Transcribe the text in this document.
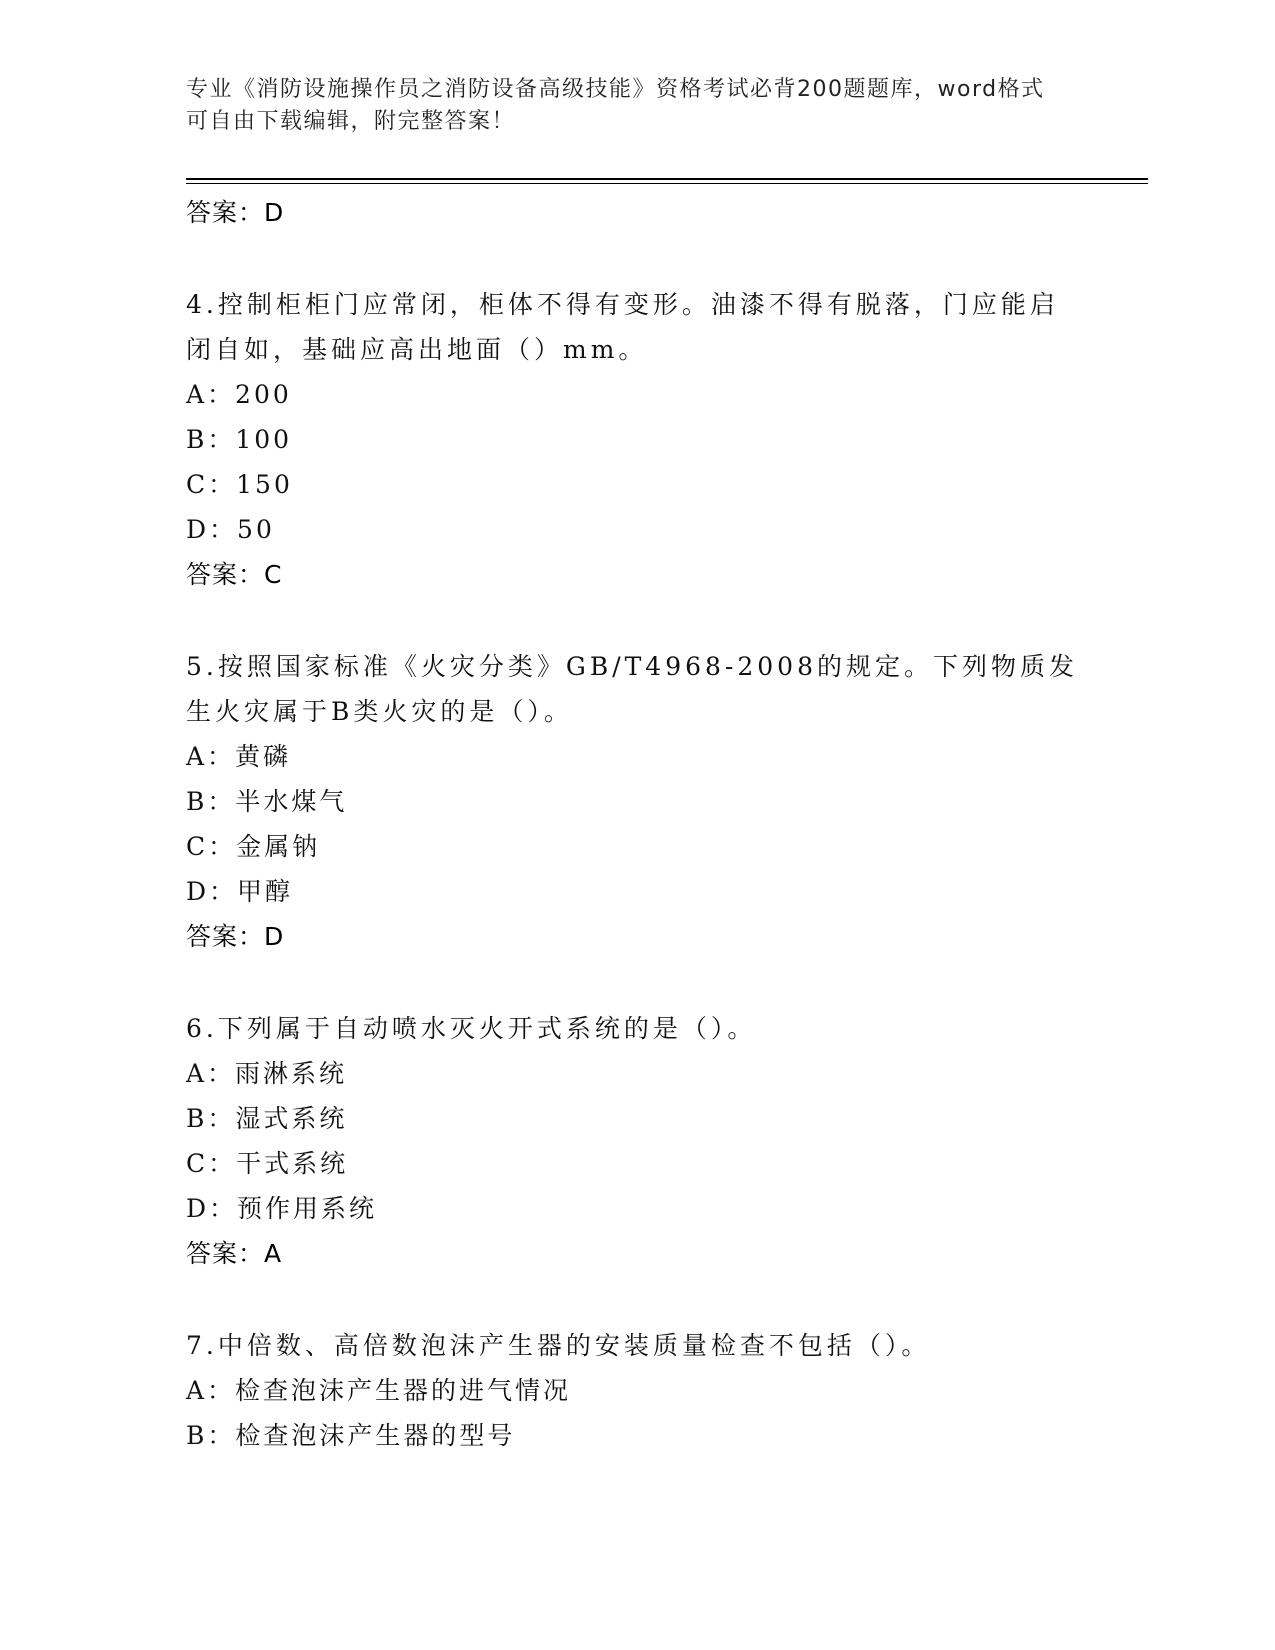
专业《消防设施操作员之消防设备高级技能》资格考试必背200题题库，word格式可自由下载编辑，附完整答案！
答案：D
4.控制柜柜门应常闭，柜体不得有变形。油漆不得有脱落，门应能启闭自如，基础应高出地面（）mm。
A：200
B：100
C：150
D：50
答案：C
5.按照国家标准《火灾分类》GB/T4968-2008的规定。下列物质发生火灾属于B类火灾的是（）。
A：黄磷
B：半水煤气
C：金属钠
D：甲醇
答案：D
6.下列属于自动喷水灭火开式系统的是（）。
A：雨淋系统
B：湿式系统
C：干式系统
D：预作用系统
答案：A
7.中倍数、高倍数泡沫产生器的安装质量检查不包括（）。
A：检查泡沫产生器的进气情况
B：检查泡沫产生器的型号
